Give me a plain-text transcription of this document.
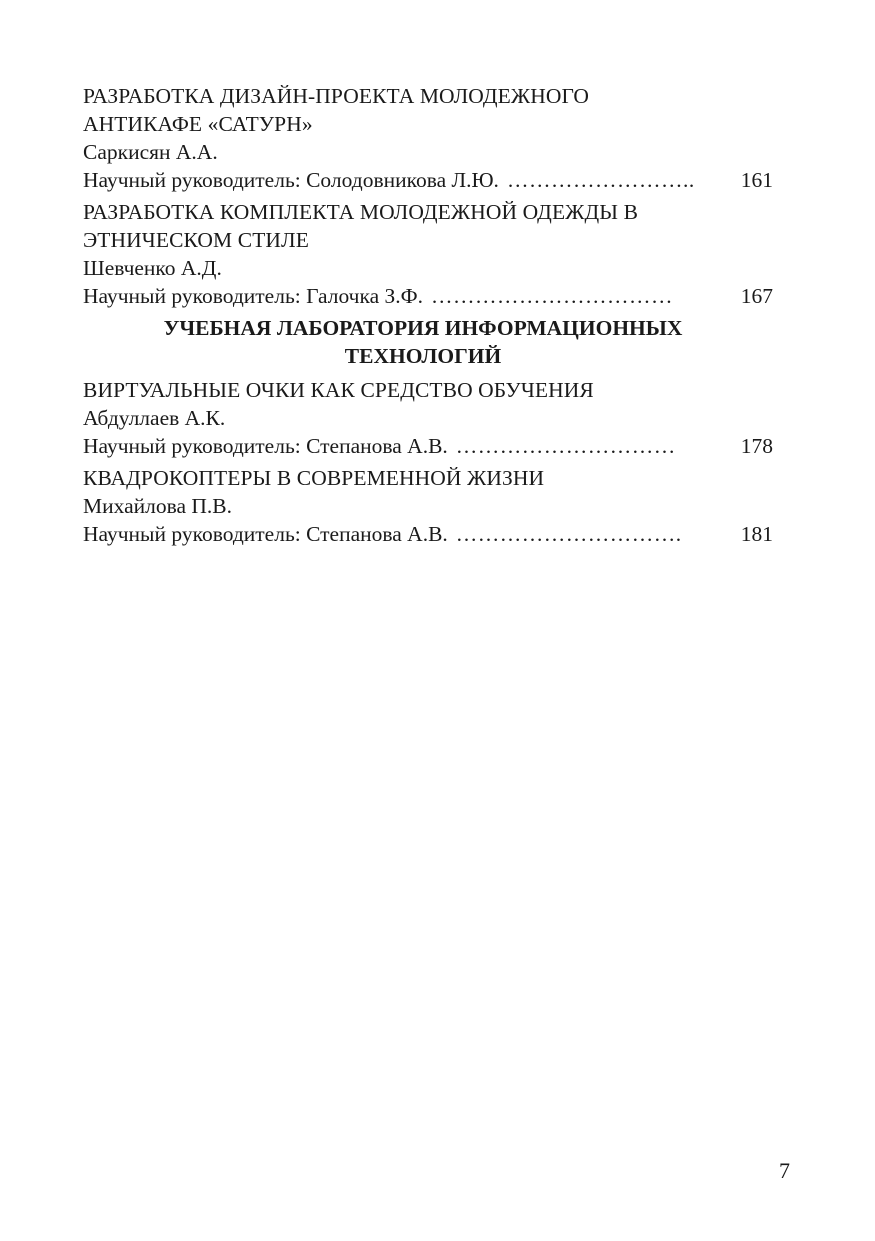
РАЗРАБОТКА ДИЗАЙН-ПРОЕКТА МОЛОДЕЖНОГО
АНТИКАФЕ «САТУРН»
Саркисян А.А.
Научный руководитель: Солодовникова Л.Ю. ……………………..	161
РАЗРАБОТКА КОМПЛЕКТА МОЛОДЕЖНОЙ ОДЕЖДЫ В
ЭТНИЧЕСКОМ СТИЛЕ
Шевченко А.Д.
Научный руководитель: Галочка З.Ф. ……………………………	167
УЧЕБНАЯ ЛАБОРАТОРИЯ ИНФОРМАЦИОННЫХ
ТЕХНОЛОГИЙ
ВИРТУАЛЬНЫЕ ОЧКИ КАК СРЕДСТВО ОБУЧЕНИЯ
Абдуллаев А.К.
Научный руководитель: Степанова А.В. …………………………	178
КВАДРОКОПТЕРЫ В СОВРЕМЕННОЙ ЖИЗНИ
Михайлова П.В.
Научный руководитель: Степанова А.В. ………………………….	181
7
